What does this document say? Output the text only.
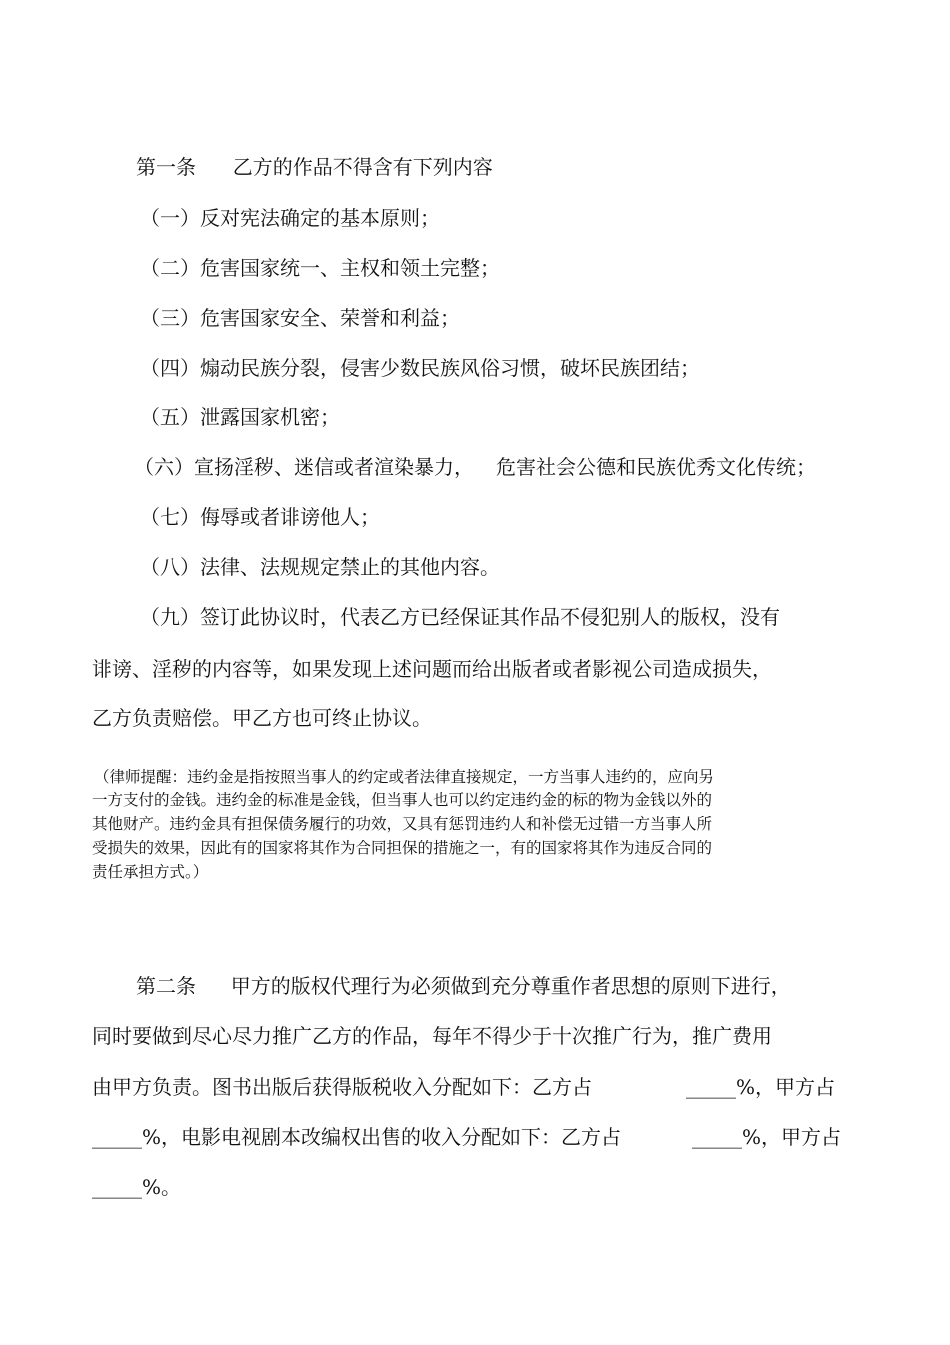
第一条 乙方的作品不得含有下列内容
（一）反对宪法确定的基本原则；
（二）危害国家统一、主权和领土完整；
（三）危害国家安全、荣誉和利益；
（四）煽动民族分裂，侵害少数民族风俗习惯，破坏民族团结；
（五）泄露国家机密；
（六）宣扬淫秽、迷信或者渲染暴力， 危害社会公德和民族优秀文化传统；
（七）侮辱或者诽谤他人；
（八）法律、法规规定禁止的其他内容。
（九）签订此协议时，代表乙方已经保证其作品不侵犯别人的版权，没有
诽谤、淫秽的内容等，如果发现上述问题而给出版者或者影视公司造成损失，
乙方负责赔偿。甲乙方也可终止协议。
（律师提醒：违约金是指按照当事人的约定或者法律直接规定，一方当事人违约的，应向另
一方支付的金钱。违约金的标准是金钱，但当事人也可以约定违约金的标的物为金钱以外的
其他财产。违约金具有担保债务履行的功效，又具有惩罚违约人和补偿无过错一方当事人所
受损失的效果，因此有的国家将其作为合同担保的措施之一，有的国家将其作为违反合同的
责任承担方式。）
第二条 甲方的版权代理行为必须做到充分尊重作者思想的原则下进行，
同时要做到尽心尽力推广乙方的作品，每年不得少于十次推广行为，推广费用
由甲方负责。图书出版后获得版税收入分配如下：乙方占	_____%，甲方占
_____%，电影电视剧本改编权出售的收入分配如下：乙方占	_____%，甲方占
_____%。
